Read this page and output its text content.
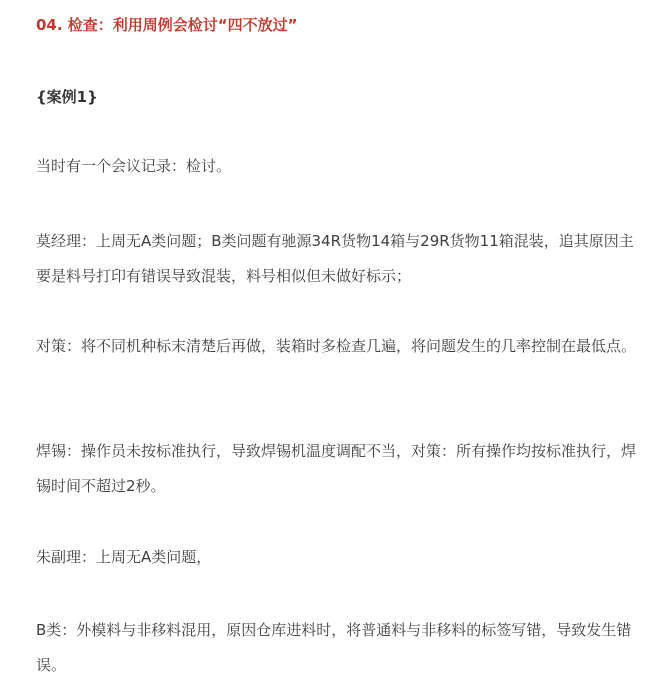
04. 检查：利用周例会检讨“四不放过”
{案例1}

当时有一个会议记录：检讨。

莫经理：上周无A类问题；B类问题有驰源34R货物14箱与29R货物11箱混装，追其原因主要是料号打印有错误导致混装，料号相似但未做好标示；

对策：将不同机种标末清楚后再做，装箱时多检查几遍，将问题发生的几率控制在最低点。

焊锡：操作员未按标准执行，导致焊锡机温度调配不当，对策：所有操作均按标准执行，焊锡时间不超过2秒。

朱副理：上周无A类问题，

B类：外模料与非移料混用，原因仓库进料时，将普通料与非移料的标签写错，导致发生错误。
